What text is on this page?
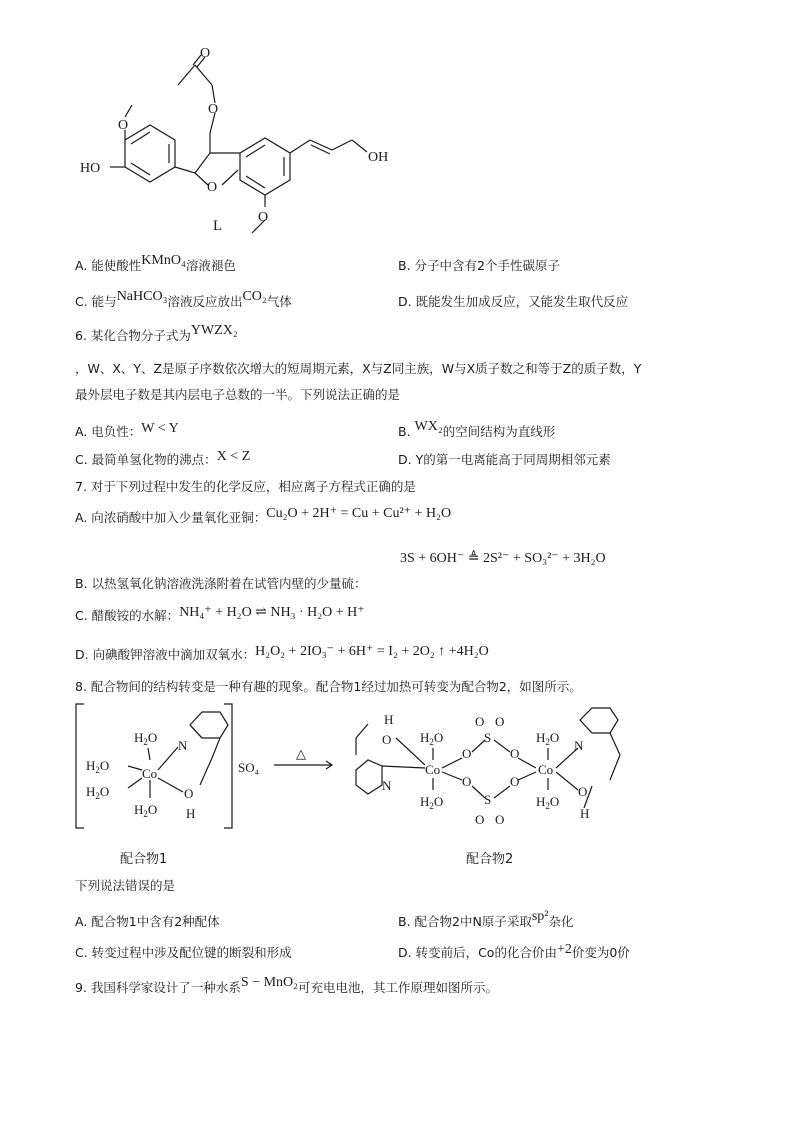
O
O
O
O
O
HO
OH
L
A. 能使酸性KMnO₄溶液褪色	B. 分子中含有2个手性碳原子
C. 能与NaHCO₃溶液反应放出CO₂气体	D. 既能发生加成反应，又能发生取代反应
6. 某化合物分子式为YWZX₂
，W、X、Y、Z是原子序数依次增大的短周期元素，X与Z同主族，W与X质子数之和等于Z的质子数，Y
最外层电子数是其内层电子总数的一半。下列说法正确的是
A. 电负性：W < Y	B. WX₂的空间结构为直线形
C. 最简单氢化物的沸点：X < Z	D. Y的第一电离能高于同周期相邻元素
7. 对于下列过程中发生的化学反应，相应离子方程式正确的是
A. 向浓硝酸中加入少量氧化亚铜：Cu₂O + 2H⁺ = Cu + Cu²⁺ + H₂O
3S + 6OH⁻ ≜ 2S²⁻ + SO₃²⁻ + 3H₂O
B. 以热氢氧化钠溶液洗涤附着在试管内壁的少量硫：
C. 醋酸铵的水解：NH₄⁺ + H₂O ⇌ NH₃ · H₂O + H⁺
D. 向碘酸钾溶液中滴加双氧水：H₂O₂ + 2IO₃⁻ + 6H⁺ = I₂ + 2O₂ ↑ +4H₂O
8. 配合物间的结构转变是一种有趣的现象。配合物1经过加热可转变为配合物2，如图所示。
$H_2O$
$H_2O$
$H_2O$
$H_2O$
Co
N
O
H
SO₄
△
H
O
N
$H_2O$
$H_2O$
Co
O
O
S
S
O O
O O
O
O
$H_2O$
$H_2O$
Co
N
O
H
配合物1	配合物2
下列说法错误的是
A. 配合物1中含有2种配体	B. 配合物2中N原子采取sp²杂化
C. 转变过程中涉及配位键的断裂和形成	D. 转变前后，Co的化合价由+2价变为0价
9. 我国科学家设计了一种水系S − MnO₂可充电电池，其工作原理如图所示。
